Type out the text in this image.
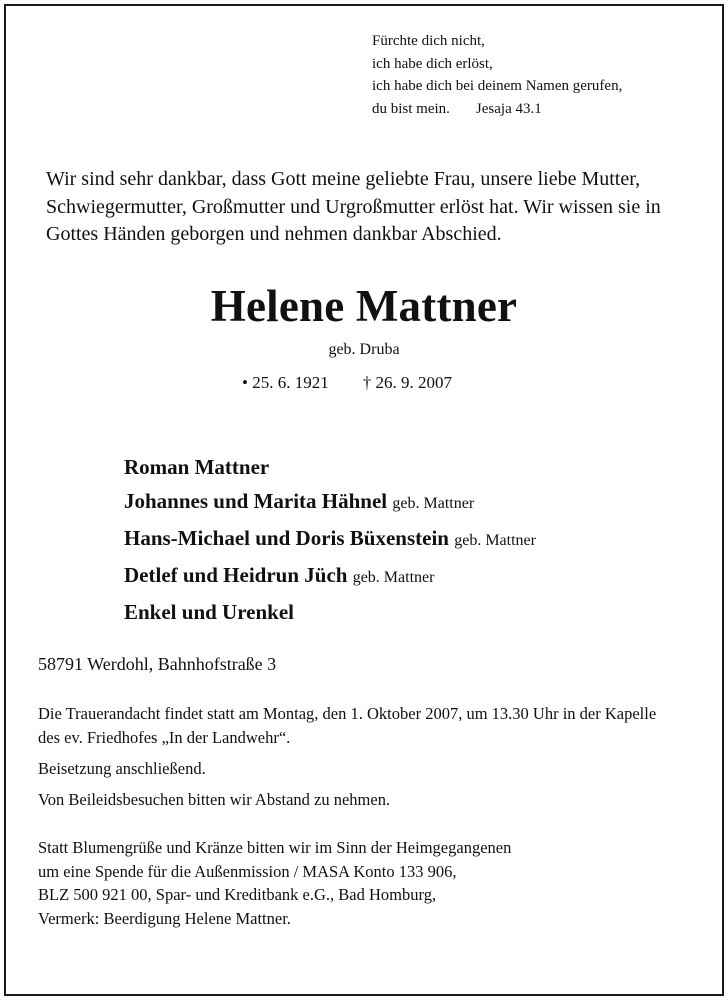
Fürchte dich nicht,
ich habe dich erlöst,
ich habe dich bei deinem Namen gerufen,
du bist mein. Jesaja 43.1
Wir sind sehr dankbar, dass Gott meine geliebte Frau, unsere liebe Mutter, Schwiegermutter, Großmutter und Urgroßmutter erlöst hat. Wir wissen sie in Gottes Händen geborgen und nehmen dankbar Abschied.
Helene Mattner
geb. Druba
• 25. 6. 1921 † 26. 9. 2007
Roman Mattner
Johannes und Marita Hähnel geb. Mattner
Hans-Michael und Doris Büxenstein geb. Mattner
Detlef und Heidrun Jüch geb. Mattner
Enkel und Urenkel
58791 Werdohl, Bahnhofstraße 3

Die Trauerandacht findet statt am Montag, den 1. Oktober 2007, um 13.30 Uhr in der Kapelle des ev. Friedhofes „In der Landwehr“.

Beisetzung anschließend.

Von Beileidsbesuchen bitten wir Abstand zu nehmen.

Statt Blumengrüße und Kränze bitten wir im Sinn der Heimgegangenen
um eine Spende für die Außenmission / MASA Konto 133 906,
BLZ 500 921 00, Spar- und Kreditbank e.G., Bad Homburg,
Vermerk: Beerdigung Helene Mattner.
